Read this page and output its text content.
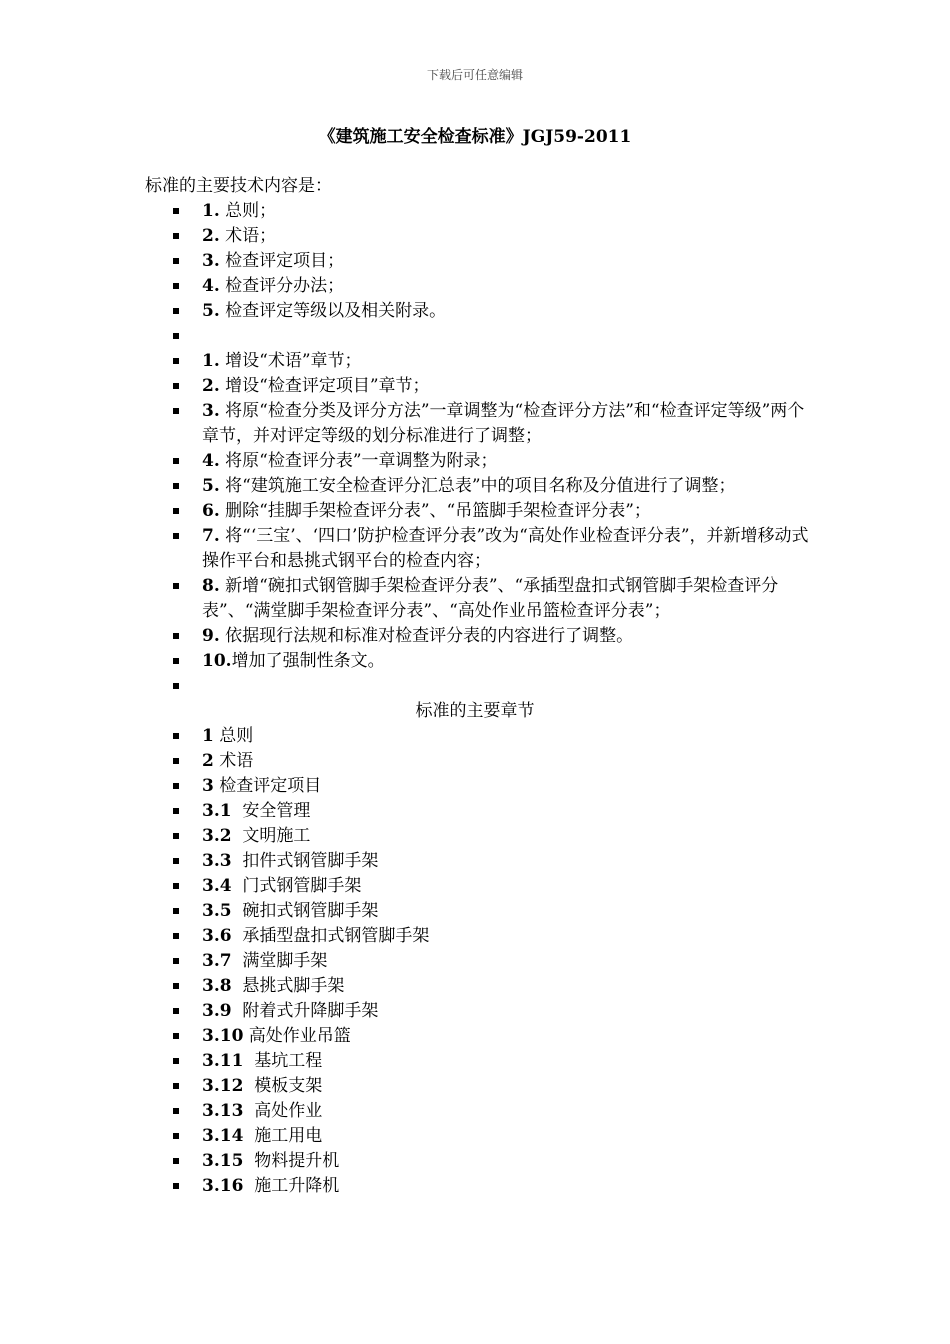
下载后可任意编辑
《建筑施工安全检查标准》JGJ59-2011
标准的主要技术内容是：
1. 总则；
2. 术语；
3. 检查评定项目；
4. 检查评分办法；
5. 检查评定等级以及相关附录。
1. 增设“术语”章节；
2. 增设“检查评定项目”章节；
3. 将原“检查分类及评分方法”一章调整为“检查评分方法”和“检查评定等级”两个章节，并对评定等级的划分标准进行了调整；
4. 将原“检查评分表”一章调整为附录；
5. 将“建筑施工安全检查评分汇总表”中的项目名称及分值进行了调整；
6. 删除“挂脚手架检查评分表”、“吊篮脚手架检查评分表”；
7. 将“‘三宝’、‘四口’防护检查评分表”改为“高处作业检查评分表”，并新增移动式操作平台和悬挑式钢平台的检查内容；
8. 新增“碗扣式钢管脚手架检查评分表”、“承插型盘扣式钢管脚手架检查评分表”、“满堂脚手架检查评分表”、“高处作业吊篮检查评分表”；
9. 依据现行法规和标准对检查评分表的内容进行了调整。
10.增加了强制性条文。
标准的主要章节
1 总则
2 术语
3 检查评定项目
3.1  安全管理
3.2  文明施工
3.3  扣件式钢管脚手架
3.4  门式钢管脚手架
3.5  碗扣式钢管脚手架
3.6  承插型盘扣式钢管脚手架
3.7  满堂脚手架
3.8  悬挑式脚手架
3.9  附着式升降脚手架
3.10 高处作业吊篮
3.11  基坑工程
3.12  模板支架
3.13  高处作业
3.14  施工用电
3.15  物料提升机
3.16  施工升降机
